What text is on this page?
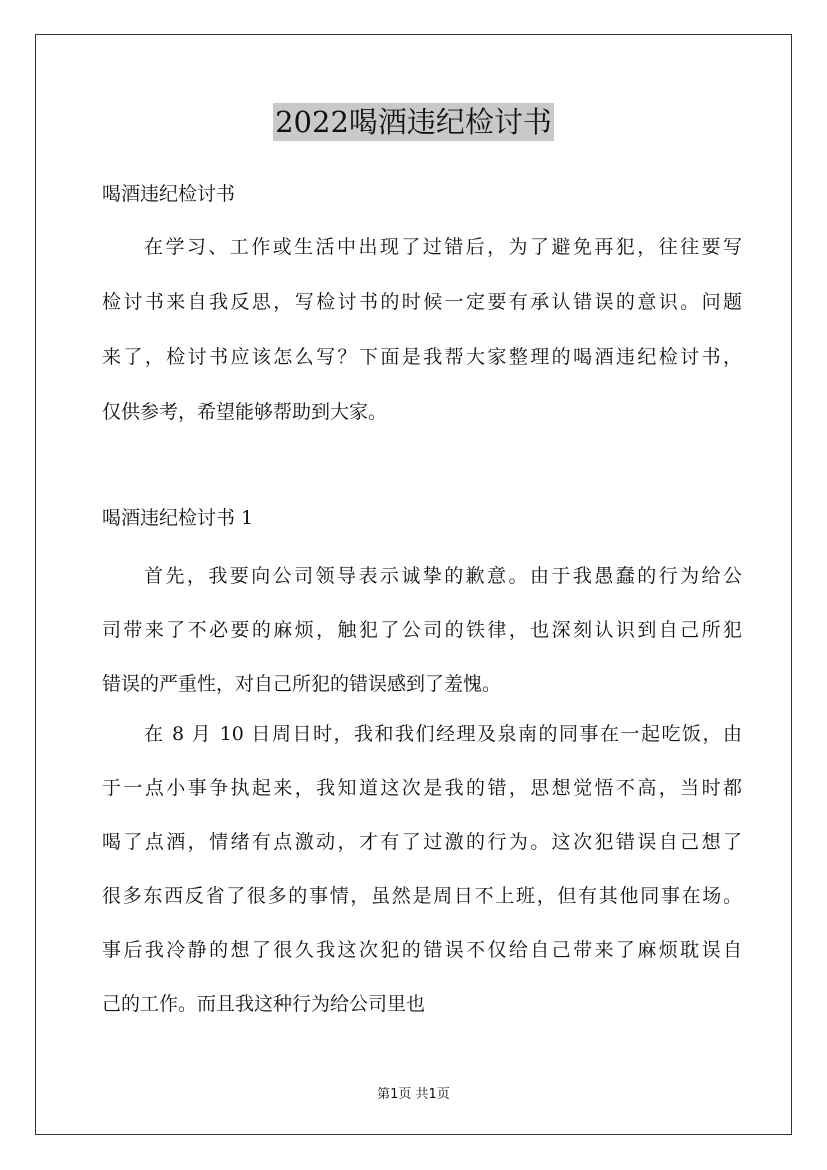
2022喝酒违纪检讨书
喝酒违纪检讨书
在学习、工作或生活中出现了过错后，为了避免再犯，往往要写
检讨书来自我反思，写检讨书的时候一定要有承认错误的意识。问题
来了，检讨书应该怎么写？下面是我帮大家整理的喝酒违纪检讨书，
仅供参考，希望能够帮助到大家。
喝酒违纪检讨书 1
首先，我要向公司领导表示诚挚的歉意。由于我愚蠢的行为给公
司带来了不必要的麻烦，触犯了公司的铁律，也深刻认识到自己所犯
错误的严重性，对自己所犯的错误感到了羞愧。
在 8 月 10 日周日时，我和我们经理及泉南的同事在一起吃饭，由
于一点小事争执起来，我知道这次是我的错，思想觉悟不高，当时都
喝了点酒，情绪有点激动，才有了过激的行为。这次犯错误自己想了
很多东西反省了很多的事情，虽然是周日不上班，但有其他同事在场。
事后我冷静的想了很久我这次犯的错误不仅给自己带来了麻烦耽误自
己的工作。而且我这种行为给公司里也
第1页 共1页
